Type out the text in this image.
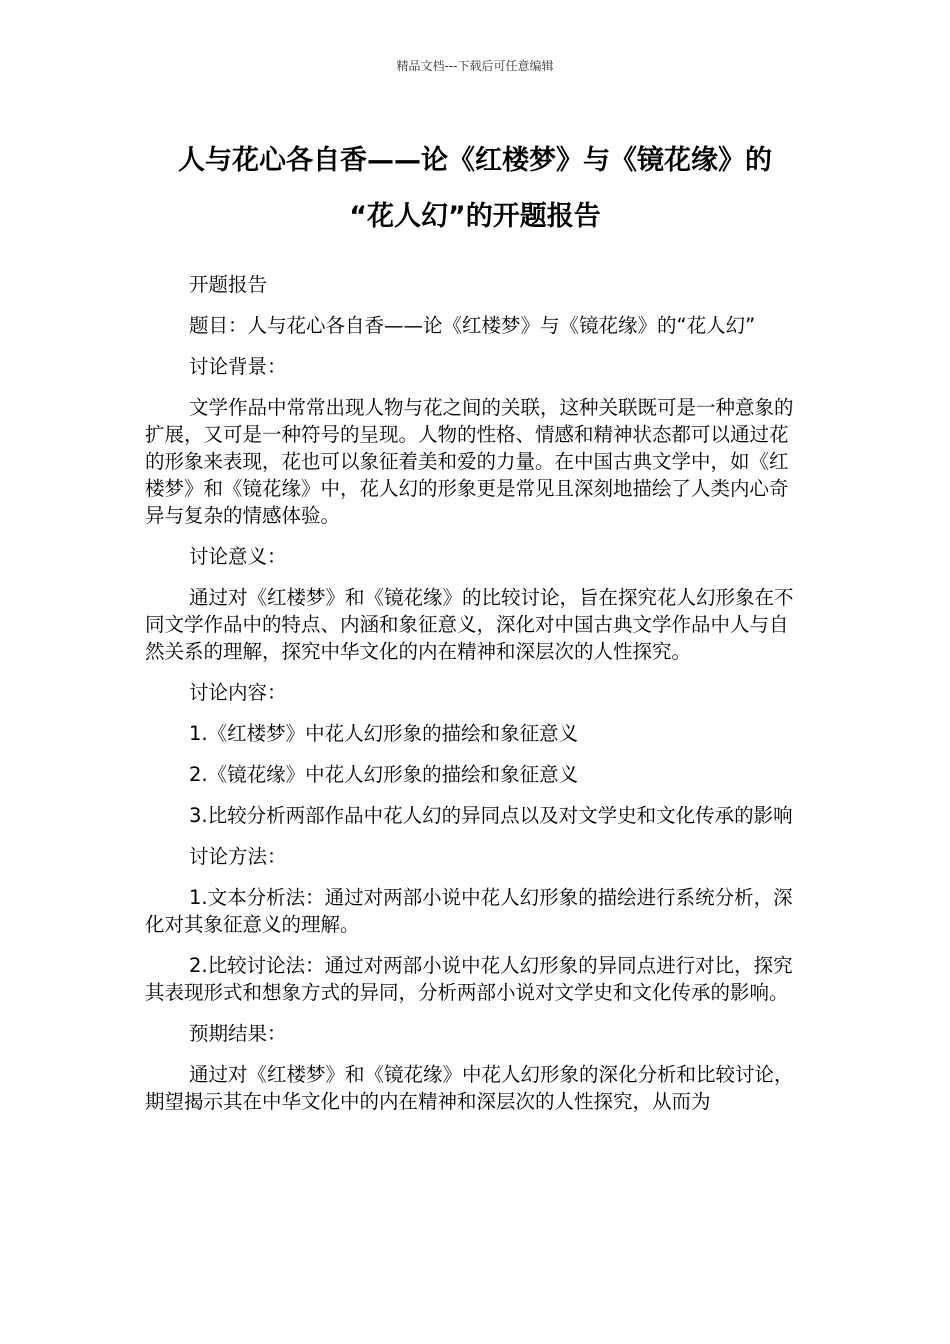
精品文档---下载后可任意编辑
人与花心各自香——论《红楼梦》与《镜花缘》的
“花人幻”的开题报告

开题报告

题目：人与花心各自香——论《红楼梦》与《镜花缘》的“花人幻”

讨论背景：

文学作品中常常出现人物与花之间的关联，这种关联既可是一种意象的扩展，又可是一种符号的呈现。人物的性格、情感和精神状态都可以通过花的形象来表现，花也可以象征着美和爱的力量。在中国古典文学中，如《红楼梦》和《镜花缘》中，花人幻的形象更是常见且深刻地描绘了人类内心奇异与复杂的情感体验。

讨论意义：

通过对《红楼梦》和《镜花缘》的比较讨论，旨在探究花人幻形象在不同文学作品中的特点、内涵和象征意义，深化对中国古典文学作品中人与自然关系的理解，探究中华文化的内在精神和深层次的人性探究。

讨论内容：

1.《红楼梦》中花人幻形象的描绘和象征意义

2.《镜花缘》中花人幻形象的描绘和象征意义

3.比较分析两部作品中花人幻的异同点以及对文学史和文化传承的影响

讨论方法：

1.文本分析法：通过对两部小说中花人幻形象的描绘进行系统分析，深化对其象征意义的理解。

2.比较讨论法：通过对两部小说中花人幻形象的异同点进行对比，探究其表现形式和想象方式的异同，分析两部小说对文学史和文化传承的影响。

预期结果：

通过对《红楼梦》和《镜花缘》中花人幻形象的深化分析和比较讨论，期望揭示其在中华文化中的内在精神和深层次的人性探究，从而为
